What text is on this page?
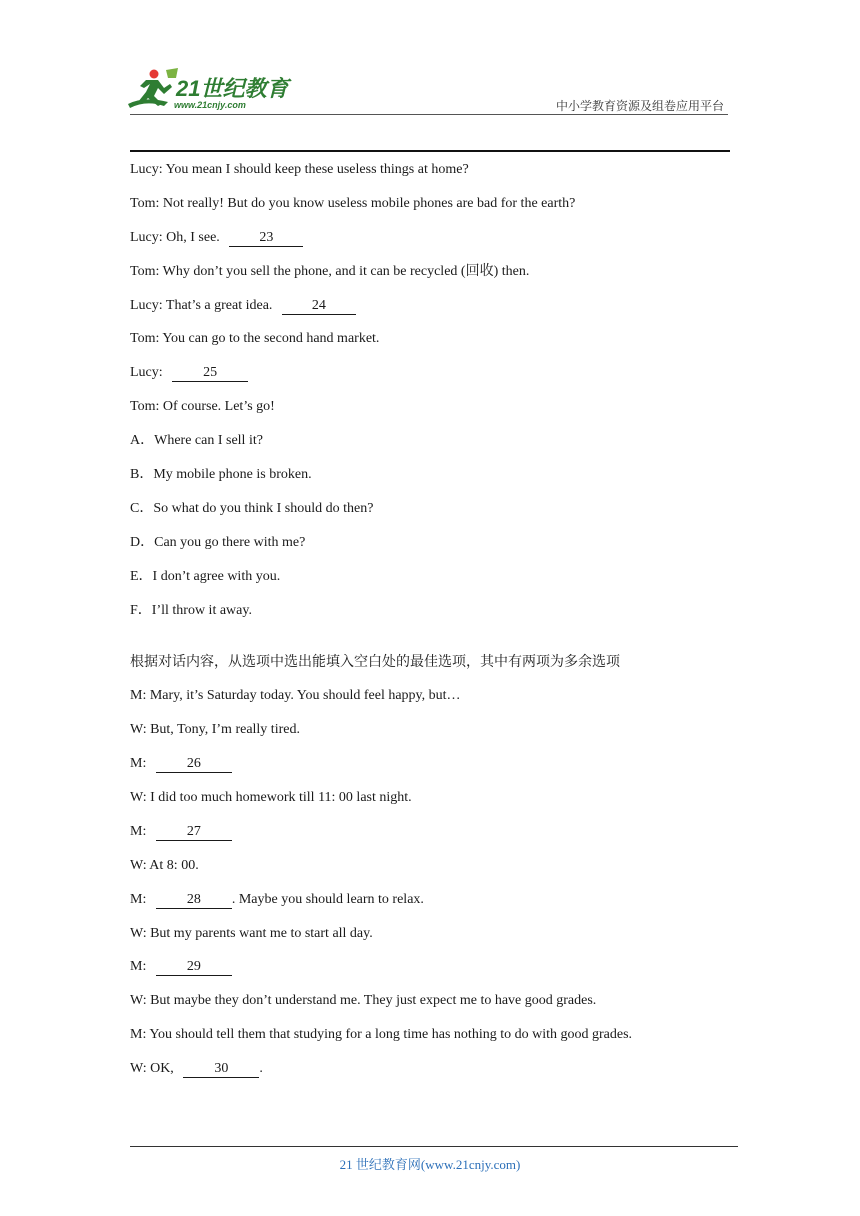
21世纪教育
www.21cnjy.com	中小学教育资源及组卷应用平台
Lucy: You mean I should keep these useless things at home?
Tom: Not really! But do you know useless mobile phones are bad for the earth?
Lucy: Oh, I see.	23
Tom: Why don’t you sell the phone, and it can be recycled (回收) then.
Lucy: That’s a great idea.	24
Tom: You can go to the second hand market.
Lucy:	25
Tom: Of course. Let’s go!
A．Where can I sell it?
B．My mobile phone is broken.
C．So what do you think I should do then?
D．Can you go there with me?
E．I don’t agree with you.
F．I’ll throw it away.
根据对话内容，从选项中选出能填入空白处的最佳选项，其中有两项为多余选项
M: Mary, it’s Saturday today. You should feel happy, but…
W: But, Tony, I’m really tired.
M:	26
W: I did too much homework till 11: 00 last night.
M:	27
W: At 8: 00.
M:	28 . Maybe you should learn to relax.
W: But my parents want me to start all day.
M:	29
W: But maybe they don’t understand me. They just expect me to have good grades.
M: You should tell them that studying for a long time has nothing to do with good grades.
W: OK,	30 .
21 世纪教育网(www.21cnjy.com)
